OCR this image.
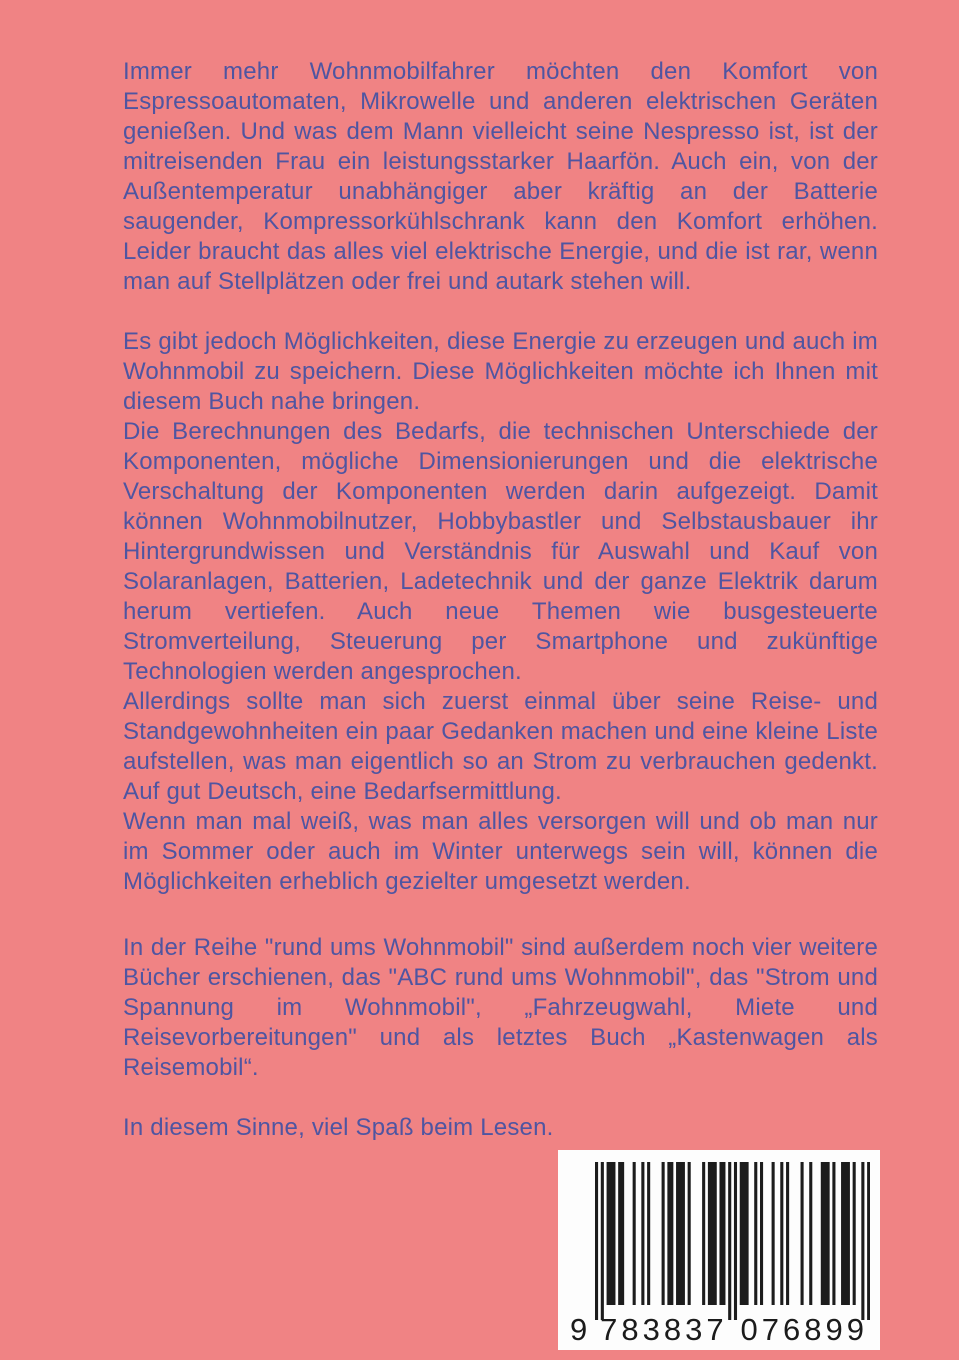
Immer mehr Wohnmobilfahrer möchten den Komfort von Espressoautomaten, Mikrowelle und anderen elektrischen Geräten genießen. Und was dem Mann vielleicht seine Nespresso ist, ist der mitreisenden Frau ein leistungsstarker Haarfön. Auch ein, von der Außentemperatur unabhängiger aber kräftig an der Batterie saugender, Kompressorkühlschrank kann den Komfort erhöhen. Leider braucht das alles viel elektrische Energie, und die ist rar, wenn man auf Stellplätzen oder frei und autark stehen will.

Es gibt jedoch Möglichkeiten, diese Energie zu erzeugen und auch im Wohnmobil zu speichern. Diese Möglichkeiten möchte ich Ihnen mit diesem Buch nahe bringen.

Die Berechnungen des Bedarfs, die technischen Unterschiede der Komponenten, mögliche Dimensionierungen und die elektrische Verschaltung der Komponenten werden darin aufgezeigt. Damit können Wohnmobilnutzer, Hobbybastler und Selbstausbauer ihr Hintergrundwissen und Verständnis für Auswahl und Kauf von Solaranlagen, Batterien, Ladetechnik und der ganze Elektrik darum herum vertiefen. Auch neue Themen wie busgesteuerte Stromverteilung, Steuerung per Smartphone und zukünftige Technologien werden angesprochen.

Allerdings sollte man sich zuerst einmal über seine Reise- und Standgewohnheiten ein paar Gedanken machen und eine kleine Liste aufstellen, was man eigentlich so an Strom zu verbrauchen gedenkt. Auf gut Deutsch, eine Bedarfsermittlung.

Wenn man mal weiß, was man alles versorgen will und ob man nur im Sommer oder auch im Winter unterwegs sein will, können die Möglichkeiten erheblich gezielter umgesetzt werden.

In der Reihe "rund ums Wohnmobil" sind außerdem noch vier weitere Bücher erschienen, das "ABC rund ums Wohnmobil", das "Strom und Spannung im Wohnmobil", „Fahrzeugwahl, Miete und Reisevorbereitungen" und als letztes Buch „Kastenwagen als Reisemobil“.

In diesem Sinne, viel Spaß beim Lesen.

9 783837 076899
